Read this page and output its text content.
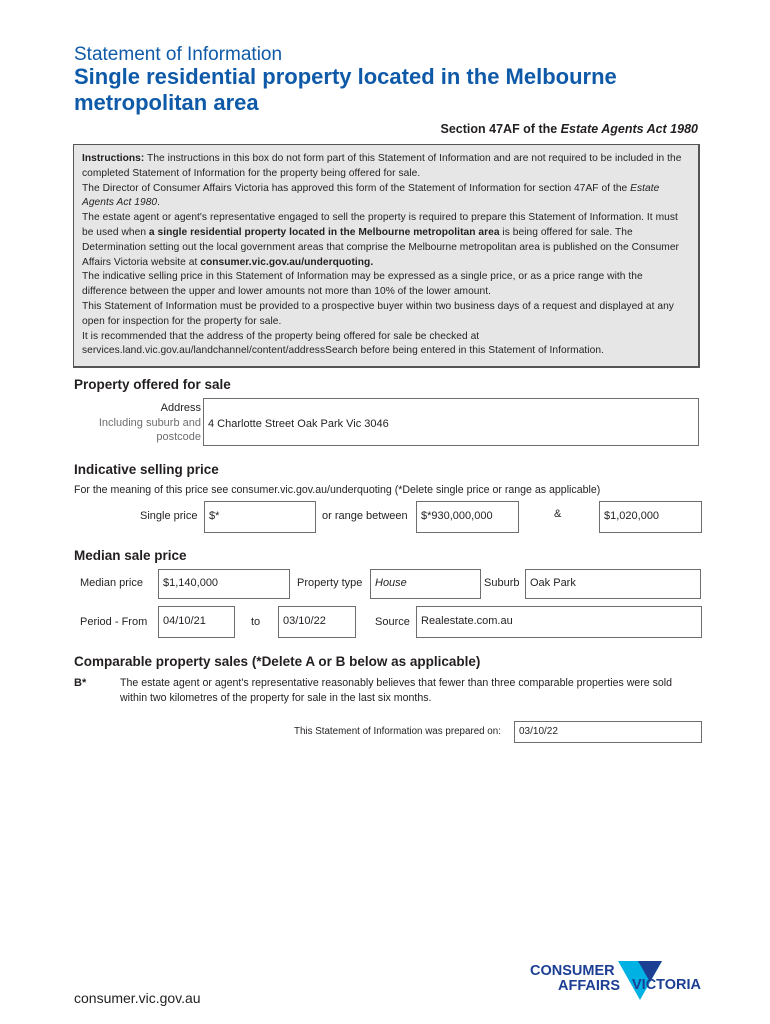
Statement of Information
Single residential property located in the Melbourne metropolitan area
Section 47AF of the Estate Agents Act 1980

Instructions: The instructions in this box do not form part of this Statement of Information and are not required to be included in the completed Statement of Information for the property being offered for sale.

The Director of Consumer Affairs Victoria has approved this form of the Statement of Information for section 47AF of the Estate Agents Act 1980.

The estate agent or agent's representative engaged to sell the property is required to prepare this Statement of Information. It must be used when a single residential property located in the Melbourne metropolitan area is being offered for sale. The Determination setting out the local government areas that comprise the Melbourne metropolitan area is published on the Consumer Affairs Victoria website at consumer.vic.gov.au/underquoting.

The indicative selling price in this Statement of Information may be expressed as a single price, or as a price range with the difference between the upper and lower amounts not more than 10% of the lower amount.

This Statement of Information must be provided to a prospective buyer within two business days of a request and displayed at any open for inspection for the property for sale.

It is recommended that the address of the property being offered for sale be checked at services.land.vic.gov.au/landchannel/content/addressSearch before being entered in this Statement of Information.

Property offered for sale
Address
Including suburb and
postcode
4 Charlotte Street Oak Park Vic 3046
Indicative selling price
For the meaning of this price see consumer.vic.gov.au/underquoting (*Delete single price or range as applicable)
Single price	$*	or range between	$*930,000,000	&	$1,020,000
Median sale price
Median price	$1,140,000	Property type	House	Suburb Oak Park
Period - From	04/10/21	to	03/10/22	Source	Realestate.com.au
Comparable property sales (*Delete A or B below as applicable)
B*	The estate agent or agent's representative reasonably believes that fewer than three comparable properties were sold within two kilometres of the property for sale in the last six months.
This Statement of Information was prepared on:	03/10/22
CONSUMER
AFFAIRS VICTORIA
consumer.vic.gov.au
